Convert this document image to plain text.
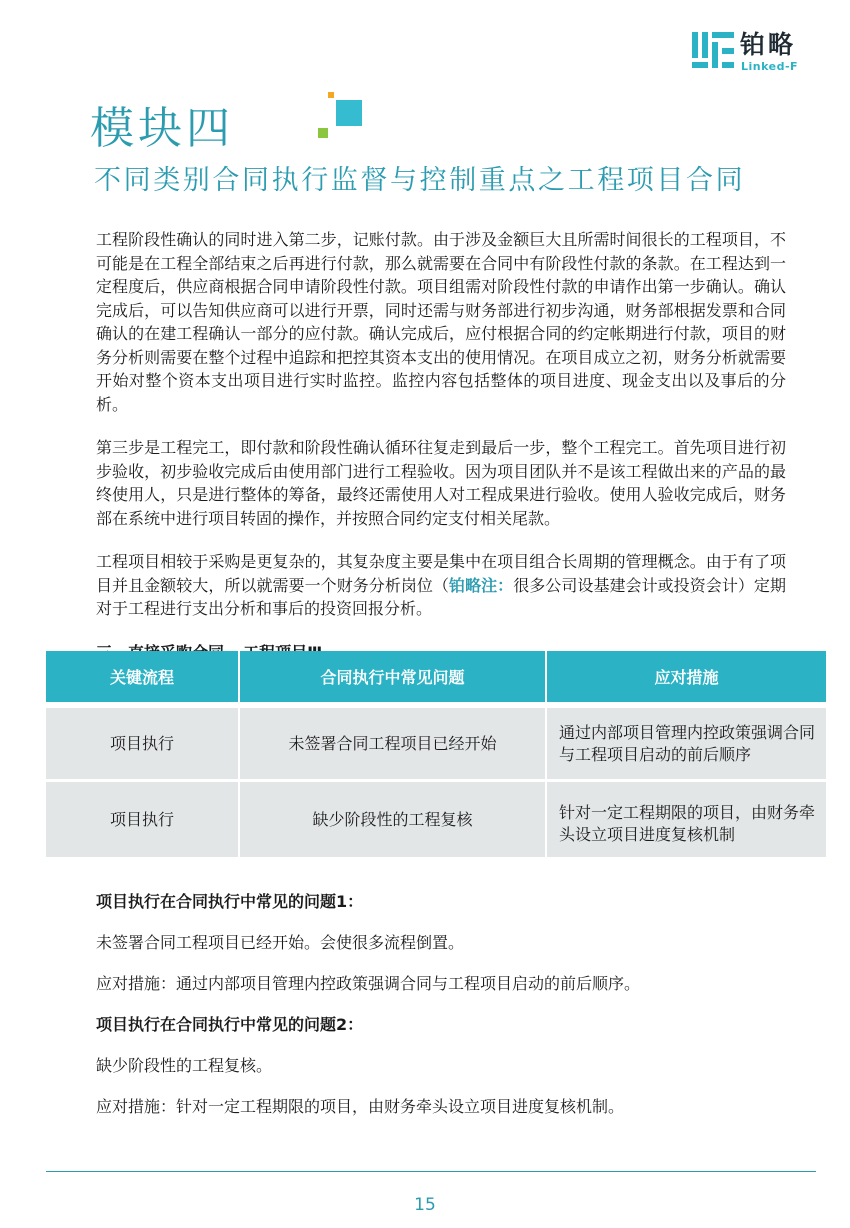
铂略
Linked-F
模块四
不同类别合同执行监督与控制重点之工程项目合同

工程阶段性确认的同时进入第二步，记账付款。由于涉及金额巨大且所需时间很长的工程项目，不可能是在工程全部结束之后再进行付款，那么就需要在合同中有阶段性付款的条款。在工程达到一定程度后，供应商根据合同申请阶段性付款。项目组需对阶段性付款的申请作出第一步确认。确认完成后，可以告知供应商可以进行开票，同时还需与财务部进行初步沟通，财务部根据发票和合同确认的在建工程确认一部分的应付款。确认完成后，应付根据合同的约定帐期进行付款，项目的财务分析则需要在整个过程中追踪和把控其资本支出的使用情况。在项目成立之初，财务分析就需要开始对整个资本支出项目进行实时监控。监控内容包括整体的项目进度、现金支出以及事后的分析。

第三步是工程完工，即付款和阶段性确认循环往复走到最后一步，整个工程完工。首先项目进行初步验收，初步验收完成后由使用部门进行工程验收。因为项目团队并不是该工程做出来的产品的最终使用人，只是进行整体的筹备，最终还需使用人对工程成果进行验收。使用人验收完成后，财务部在系统中进行项目转固的操作，并按照合同约定支付相关尾款。

工程项目相较于采购是更复杂的，其复杂度主要是集中在项目组合长周期的管理概念。由于有了项目并且金额较大，所以就需要一个财务分析岗位（铂略注：很多公司设基建会计或投资会计）定期对于工程进行支出分析和事后的投资回报分析。

关键流程	合同执行中常见问题	应对措施
项目执行	未签署合同工程项目已经开始	通过内部项目管理内控政策强调合同与工程项目启动的前后顺序
项目执行	缺少阶段性的工程复核	针对一定工程期限的项目，由财务牵头设立项目进度复核机制
项目执行在合同执行中常见的问题1：
未签署合同工程项目已经开始。会使很多流程倒置。
应对措施：通过内部项目管理内控政策强调合同与工程项目启动的前后顺序。
项目执行在合同执行中常见的问题2：
缺少阶段性的工程复核。
应对措施：针对一定工程期限的项目，由财务牵头设立项目进度复核机制。
15
